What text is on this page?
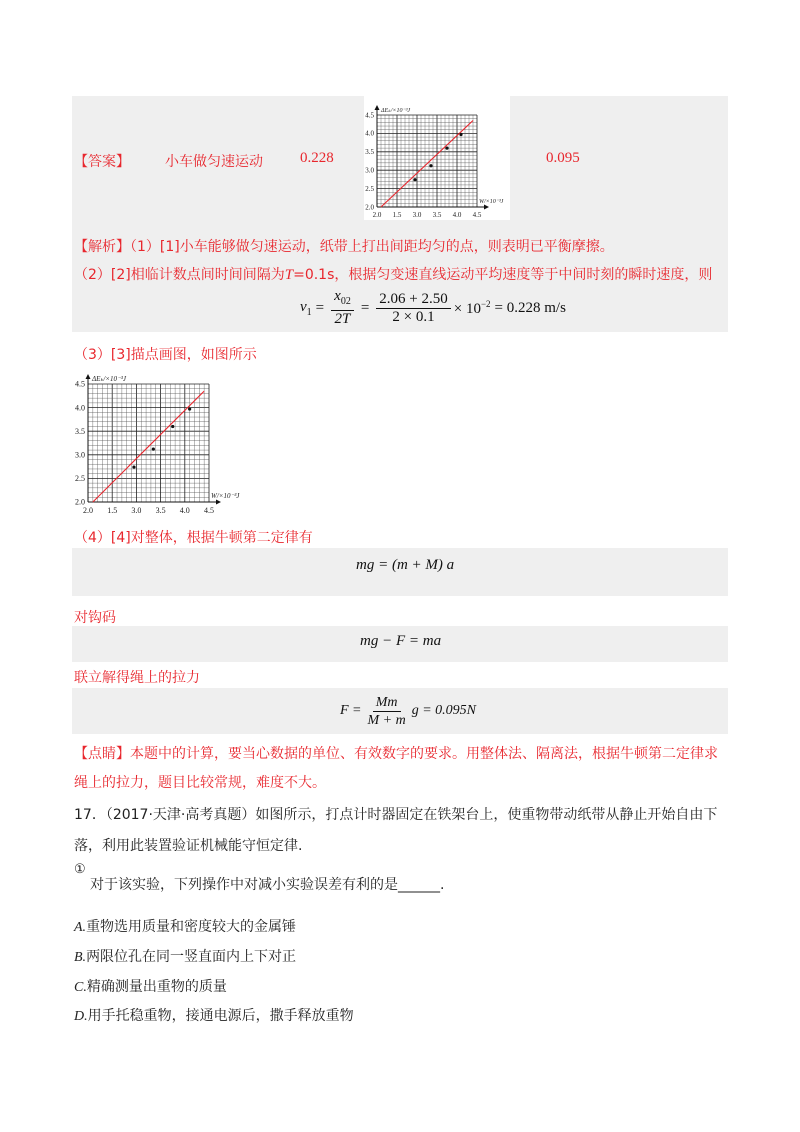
【答案】	小车做匀速运动 0.228	0.095
2.0 1.5 3.0 3.5 4.0 4.5
2.0
2.5
3.0
3.5
4.0
4.5
W/×10⁻³J
ΔEₖ/×10⁻³J
【解析】（1）[1]小车能够做匀速运动，纸带上打出间距均匀的点，则表明已平衡摩擦。
（2）[2]相临计数点间时间间隔为T=0.1s，根据匀变速直线运动平均速度等于中间时刻的瞬时速度，则
$v_1 = \frac{x_{02}}{2T} = \frac{2.06 + 2.50}{2 \times 0.1} \times 10^{-2} = 0.228$ m/s
（3）[3]描点画图，如图所示
2.0 1.5 3.0 3.5 4.0 4.5
2.0
2.5
3.0
3.5
4.0
4.5
W/×10⁻³J
ΔEₖ/×10⁻³J
（4）[4]对整体，根据牛顿第二定律有
mg = (m + M) a
对钩码
mg − F = ma
联立解得绳上的拉力
$F = \frac{Mm}{M + m}$ g = 0.095N
【点睛】本题中的计算，要当心数据的单位、有效数字的要求。用整体法、隔离法，根据牛顿第二定律求
绳上的拉力，题目比较常规，难度不大。
17．（2017·天津·高考真题）如图所示，打点计时器固定在铁架台上，使重物带动纸带从静止开始自由下
落，利用此装置验证机械能守恒定律.
①
对于该实验，下列操作中对减小实验误差有利的是______.
A.重物选用质量和密度较大的金属锤
B.两限位孔在同一竖直面内上下对正
C.精确测量出重物的质量
D.用手托稳重物，接通电源后，撒手释放重物
